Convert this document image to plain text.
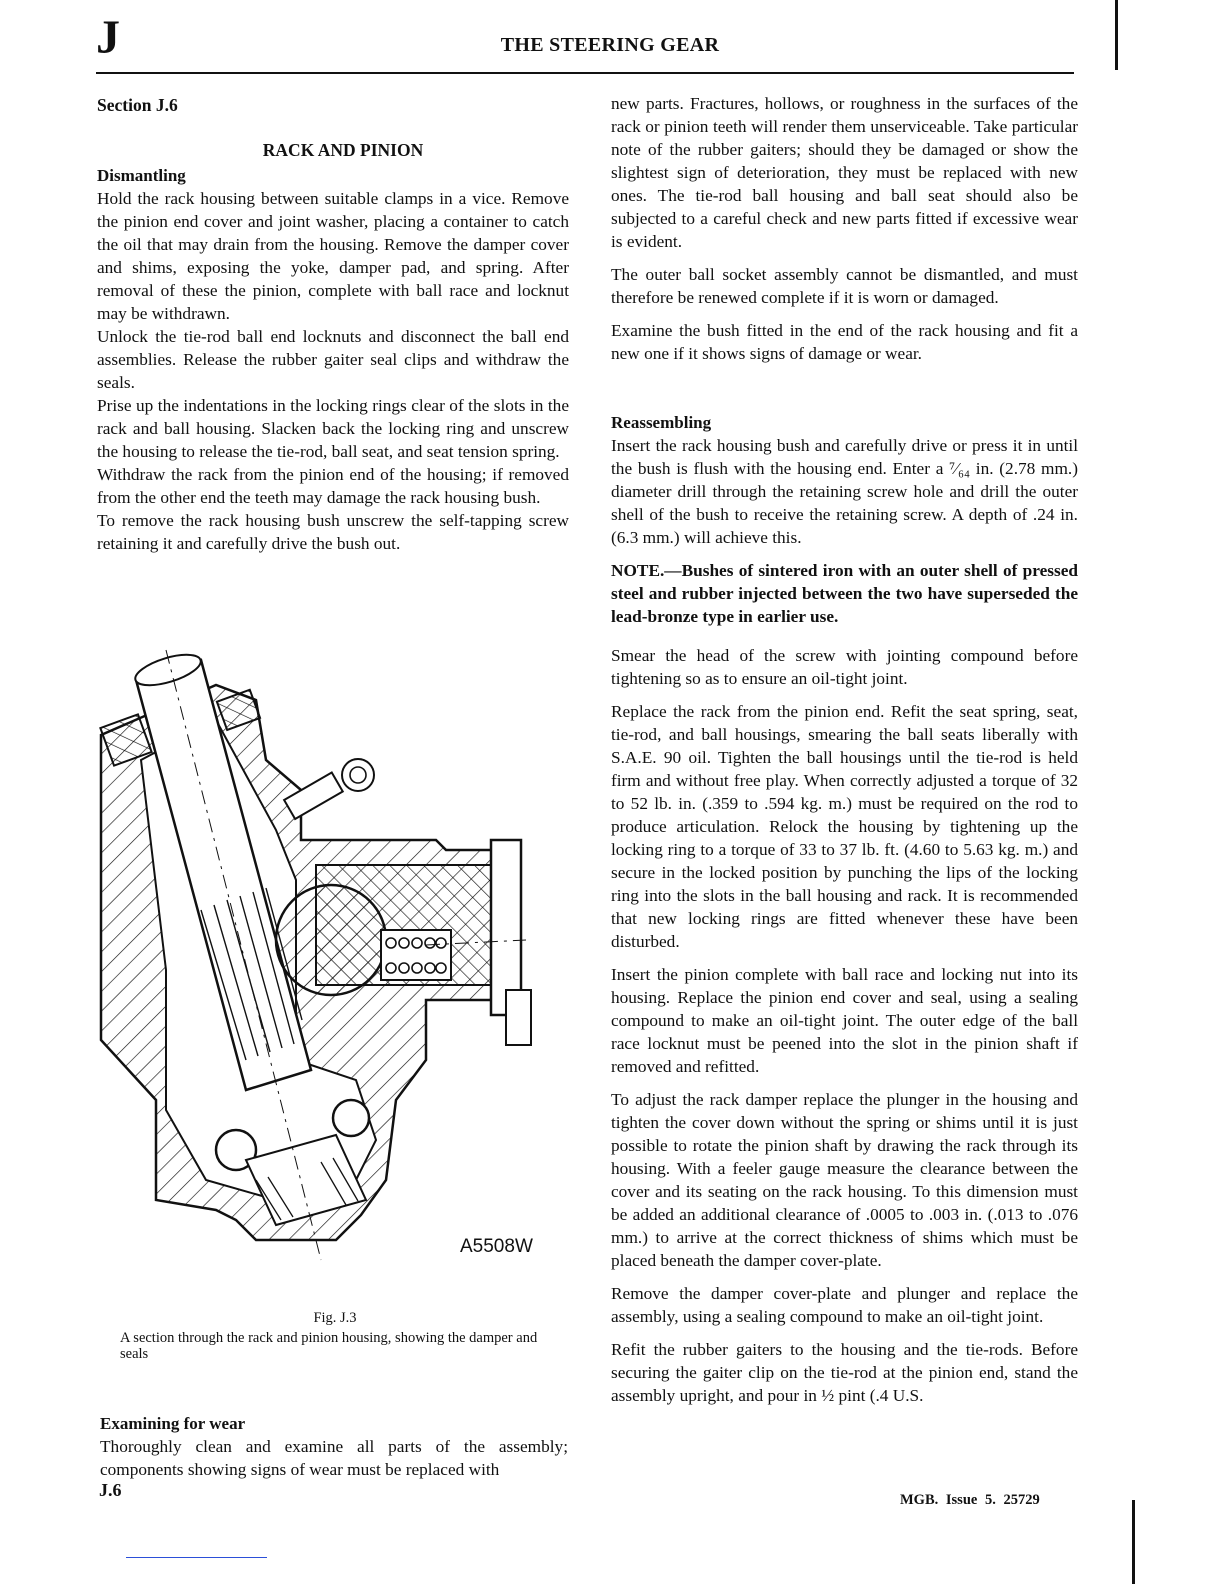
J	THE STEERING GEAR

Section J.6

RACK AND PINION

Dismantling

Hold the rack housing between suitable clamps in a vice. Remove the pinion end cover and joint washer, placing a container to catch the oil that may drain from the housing. Remove the damper cover and shims, exposing the yoke, damper pad, and spring. After removal of these the pinion, complete with ball race and locknut may be withdrawn.

Unlock the tie-rod ball end locknuts and disconnect the ball end assemblies. Release the rubber gaiter seal clips and withdraw the seals.

Prise up the indentations in the locking rings clear of the slots in the rack and ball housing. Slacken back the locking ring and unscrew the housing to release the tie-rod, ball seat, and seat tension spring.

Withdraw the rack from the pinion end of the housing; if removed from the other end the teeth may damage the rack housing bush.

To remove the rack housing bush unscrew the self-tapping screw retaining it and carefully drive the bush out.

A5508W
Fig. J.3
A section through the rack and pinion housing, showing the damper and seals

Examining for wear

Thoroughly clean and examine all parts of the assembly; components showing signs of wear must be replaced with

new parts. Fractures, hollows, or roughness in the surfaces of the rack or pinion teeth will render them unserviceable. Take particular note of the rubber gaiters; should they be damaged or show the slightest sign of deterioration, they must be replaced with new ones. The tie-rod ball housing and ball seat should also be subjected to a careful check and new parts fitted if excessive wear is evident.

The outer ball socket assembly cannot be dismantled, and must therefore be renewed complete if it is worn or damaged.

Examine the bush fitted in the end of the rack housing and fit a new one if it shows signs of damage or wear.

Reassembling

Insert the rack housing bush and carefully drive or press it in until the bush is flush with the housing end. Enter a ⁷⁄₆₄ in. (2.78 mm.) diameter drill through the retaining screw hole and drill the outer shell of the bush to receive the retaining screw. A depth of .24 in. (6.3 mm.) will achieve this.

NOTE.—Bushes of sintered iron with an outer shell of pressed steel and rubber injected between the two have superseded the lead-bronze type in earlier use.

Smear the head of the screw with jointing compound before tightening so as to ensure an oil-tight joint.

Replace the rack from the pinion end. Refit the seat spring, seat, tie-rod, and ball housings, smearing the ball seats liberally with S.A.E. 90 oil. Tighten the ball housings until the tie-rod is held firm and without free play. When correctly adjusted a torque of 32 to 52 lb. in. (.359 to .594 kg. m.) must be required on the rod to produce articulation. Relock the housing by tightening up the locking ring to a torque of 33 to 37 lb. ft. (4.60 to 5.63 kg. m.) and secure in the locked position by punching the lips of the locking ring into the slots in the ball housing and rack. It is recommended that new locking rings are fitted whenever these have been disturbed.

Insert the pinion complete with ball race and locking nut into its housing. Replace the pinion end cover and seal, using a sealing compound to make an oil-tight joint. The outer edge of the ball race locknut must be peened into the slot in the pinion shaft if removed and refitted.

To adjust the rack damper replace the plunger in the housing and tighten the cover down without the spring or shims until it is just possible to rotate the pinion shaft by drawing the rack through its housing. With a feeler gauge measure the clearance between the cover and its seating on the rack housing. To this dimension must be added an additional clearance of .0005 to .003 in. (.013 to .076 mm.) to arrive at the correct thickness of shims which must be placed beneath the damper cover-plate.

Remove the damper cover-plate and plunger and replace the assembly, using a sealing compound to make an oil-tight joint.

Refit the rubber gaiters to the housing and the tie-rods. Before securing the gaiter clip on the tie-rod at the pinion end, stand the assembly upright, and pour in ½ pint (.4 U.S.

J.6	MGB. Issue 5. 25729
